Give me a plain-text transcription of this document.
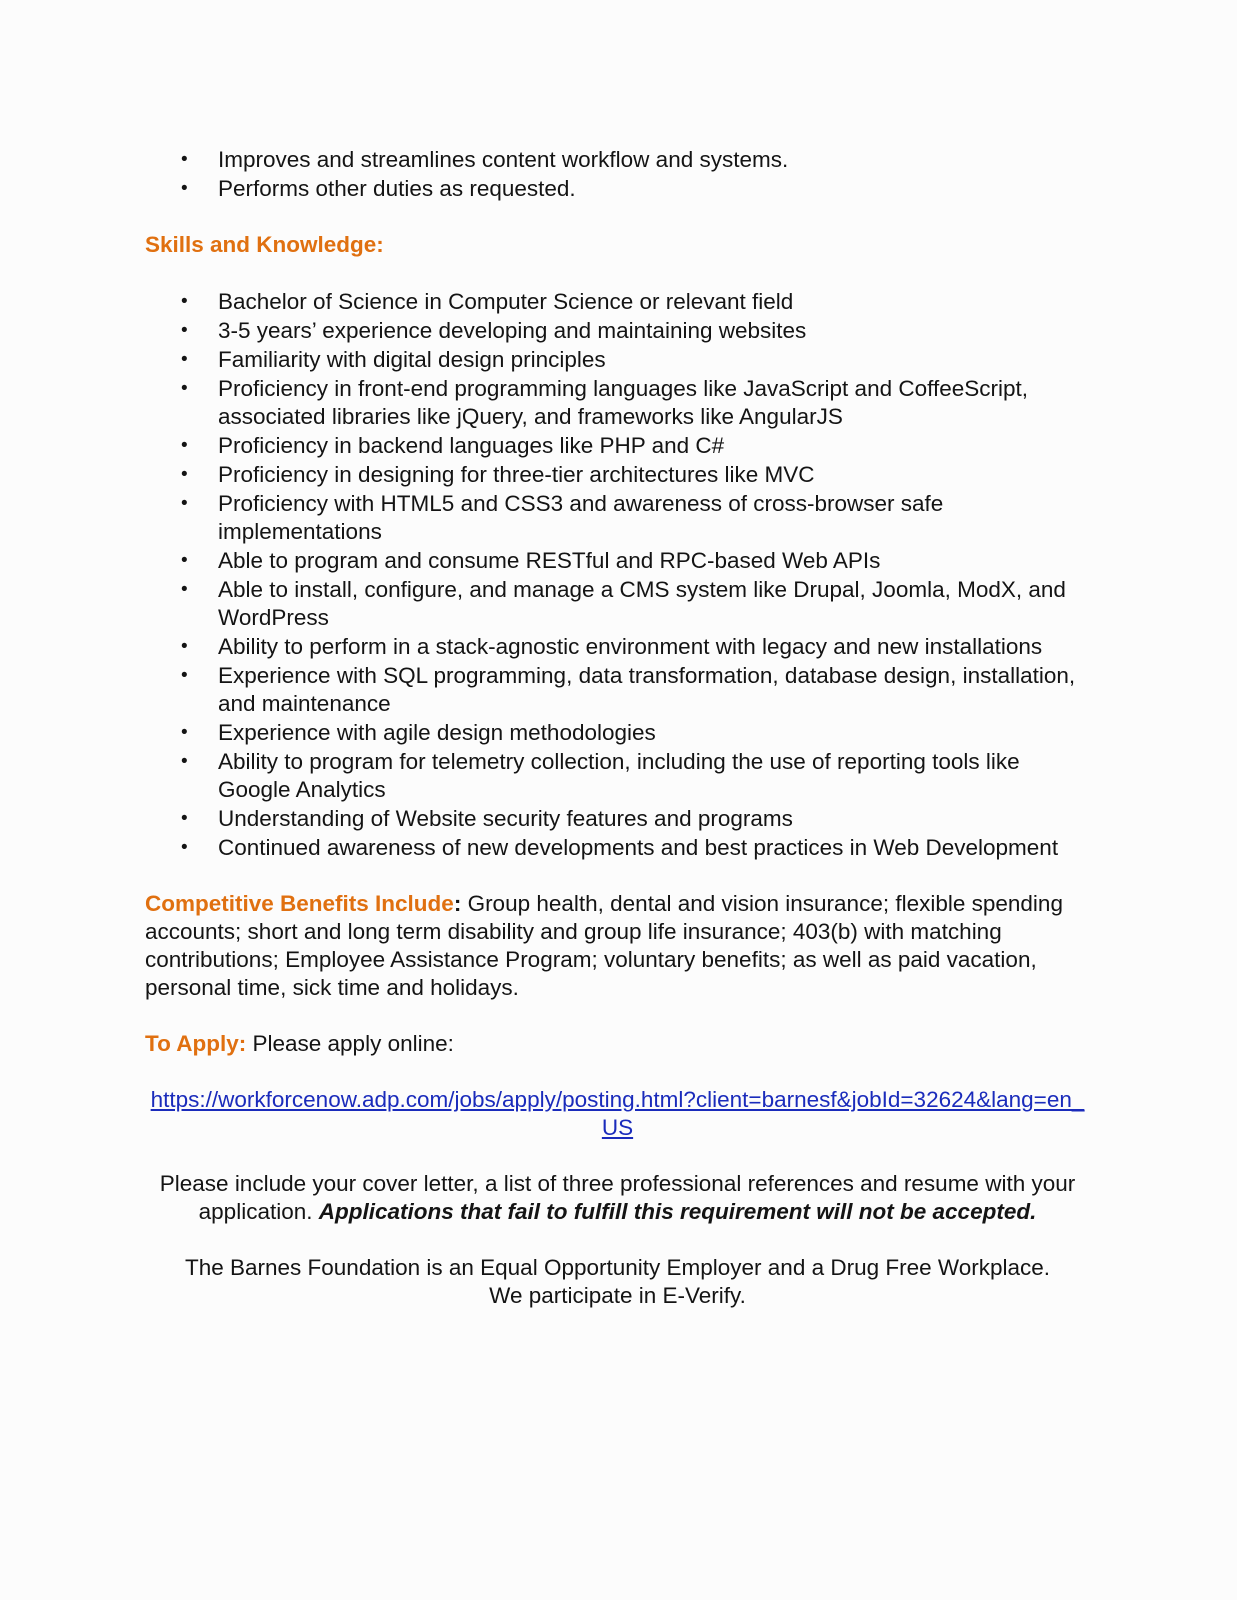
• Improves and streamlines content workflow and systems.
• Performs other duties as requested.
Skills and Knowledge:
• Bachelor of Science in Computer Science or relevant field
• 3-5 years’ experience developing and maintaining websites
• Familiarity with digital design principles
• Proficiency in front-end programming languages like JavaScript and CoffeeScript, associated libraries like jQuery, and frameworks like AngularJS
• Proficiency in backend languages like PHP and C#
• Proficiency in designing for three-tier architectures like MVC
• Proficiency with HTML5 and CSS3 and awareness of cross-browser safe implementations
• Able to program and consume RESTful and RPC-based Web APIs
• Able to install, configure, and manage a CMS system like Drupal, Joomla, ModX, and WordPress
• Ability to perform in a stack-agnostic environment with legacy and new installations
• Experience with SQL programming, data transformation, database design, installation, and maintenance
• Experience with agile design methodologies
• Ability to program for telemetry collection, including the use of reporting tools like Google Analytics
• Understanding of Website security features and programs
• Continued awareness of new developments and best practices in Web Development

Competitive Benefits Include: Group health, dental and vision insurance; flexible spending accounts; short and long term disability and group life insurance; 403(b) with matching contributions; Employee Assistance Program; voluntary benefits; as well as paid vacation, personal time, sick time and holidays.

To Apply: Please apply online:

https://workforcenow.adp.com/jobs/apply/posting.html?client=barnesf&jobId=32624&lang=en_US

Please include your cover letter, a list of three professional references and resume with your application. Applications that fail to fulfill this requirement will not be accepted.

The Barnes Foundation is an Equal Opportunity Employer and a Drug Free Workplace.
We participate in E-Verify.
